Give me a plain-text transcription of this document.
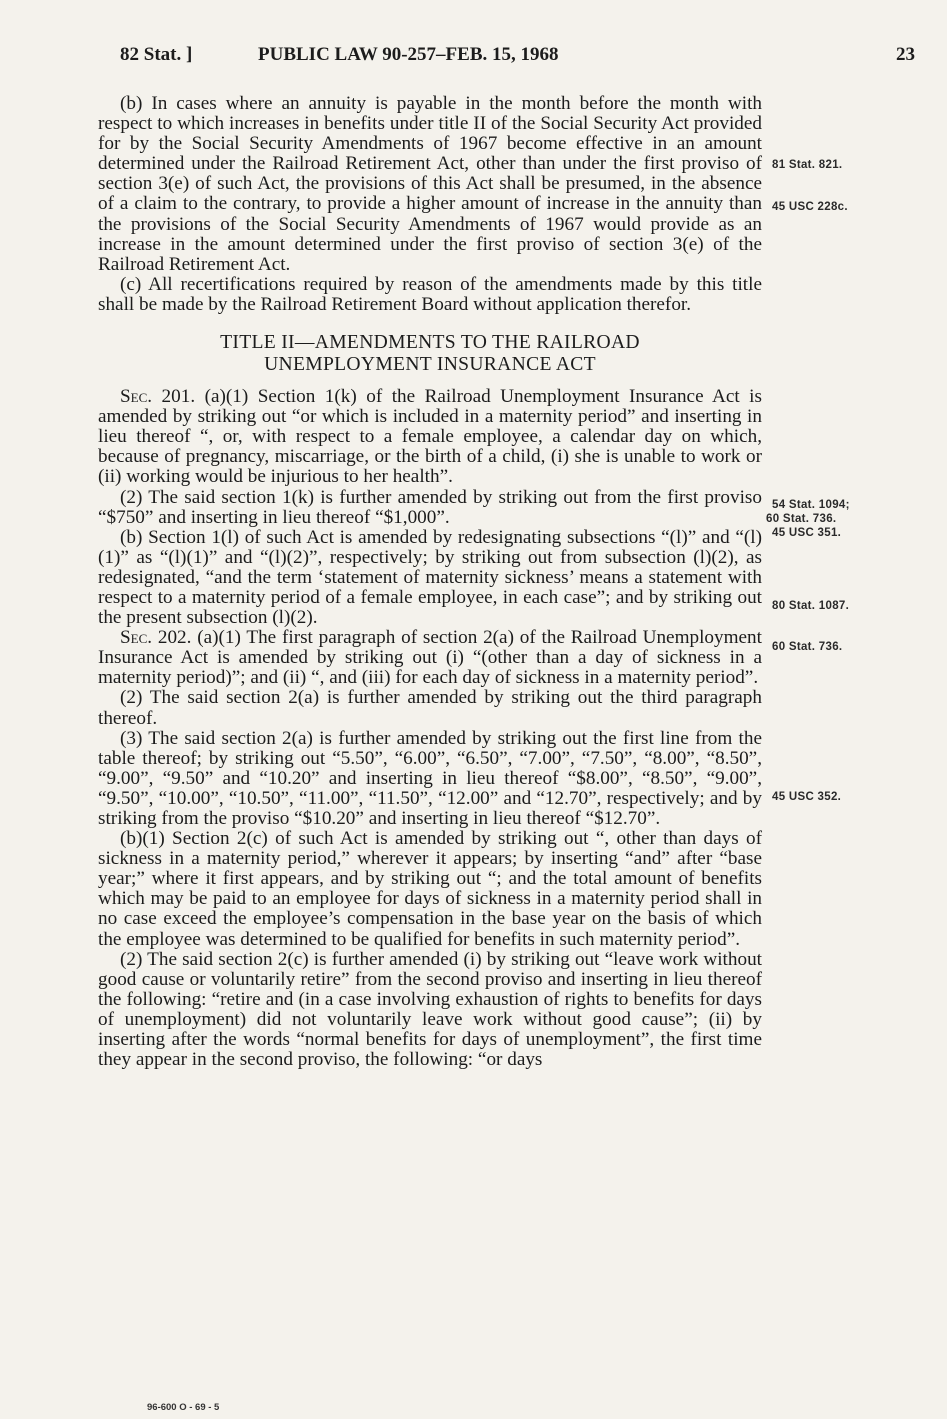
82 Stat. ]	PUBLIC LAW 90-257–FEB. 15, 1968	23

(b) In cases where an annuity is payable in the month before the month with respect to which increases in benefits under title II of the Social Security Act provided for by the Social Security Amendments of 1967 become effective in an amount determined under the Railroad Retirement Act, other than under the first proviso of section 3(e) of such Act, the provisions of this Act shall be presumed, in the absence of a claim to the contrary, to provide a higher amount of increase in the annuity than the provisions of the Social Security Amendments of 1967 would provide as an increase in the amount determined under the first proviso of section 3(e) of the Railroad Retirement Act.

(c) All recertifications required by reason of the amendments made by this title shall be made by the Railroad Retirement Board without application therefor.

TITLE II—AMENDMENTS TO THE RAILROAD
UNEMPLOYMENT INSURANCE ACT

Sec. 201. (a)(1) Section 1(k) of the Railroad Unemployment Insurance Act is amended by striking out “or which is included in a maternity period” and inserting in lieu thereof “, or, with respect to a female employee, a calendar day on which, because of pregnancy, miscarriage, or the birth of a child, (i) she is unable to work or (ii) working would be injurious to her health”.

(2) The said section 1(k) is further amended by striking out from the first proviso “$750” and inserting in lieu thereof “$1,000”.

(b) Section 1(l) of such Act is amended by redesignating subsections “(l)” and “(l)(1)” as “(l)(1)” and “(l)(2)”, respectively; by striking out from subsection (l)(2), as redesignated, “and the term ‘statement of maternity sickness’ means a statement with respect to a maternity period of a female employee, in each case”; and by striking out the present subsection (l)(2).

Sec. 202. (a)(1) The first paragraph of section 2(a) of the Railroad Unemployment Insurance Act is amended by striking out (i) “(other than a day of sickness in a maternity period)”; and (ii) “, and (iii) for each day of sickness in a maternity period”.

(2) The said section 2(a) is further amended by striking out the third paragraph thereof.

(3) The said section 2(a) is further amended by striking out the first line from the table thereof; by striking out “5.50”, “6.00”, “6.50”, “7.00”, “7.50”, “8.00”, “8.50”, “9.00”, “9.50” and “10.20” and inserting in lieu thereof “$8.00”, “8.50”, “9.00”, “9.50”, “10.00”, “10.50”, “11.00”, “11.50”, “12.00” and “12.70”, respectively; and by striking from the proviso “$10.20” and inserting in lieu thereof “$12.70”.

(b)(1) Section 2(c) of such Act is amended by striking out “, other than days of sickness in a maternity period,” wherever it appears; by inserting “and” after “base year;” where it first appears, and by striking out “; and the total amount of benefits which may be paid to an employee for days of sickness in a maternity period shall in no case exceed the employee’s compensation in the base year on the basis of which the employee was determined to be qualified for benefits in such maternity period”.

(2) The said section 2(c) is further amended (i) by striking out “leave work without good cause or voluntarily retire” from the second proviso and inserting in lieu thereof the following: “retire and (in a case involving exhaustion of rights to benefits for days of unemployment) did not voluntarily leave work without good cause”; (ii) by inserting after the words “normal benefits for days of unemployment”, the first time they appear in the second proviso, the following: “or days

81 Stat. 821.
45 USC 228c.
54 Stat. 1094;
60 Stat. 736.
45 USC 351.
80 Stat. 1087.
60 Stat. 736.
45 USC 352.
96-600 O - 69 - 5
